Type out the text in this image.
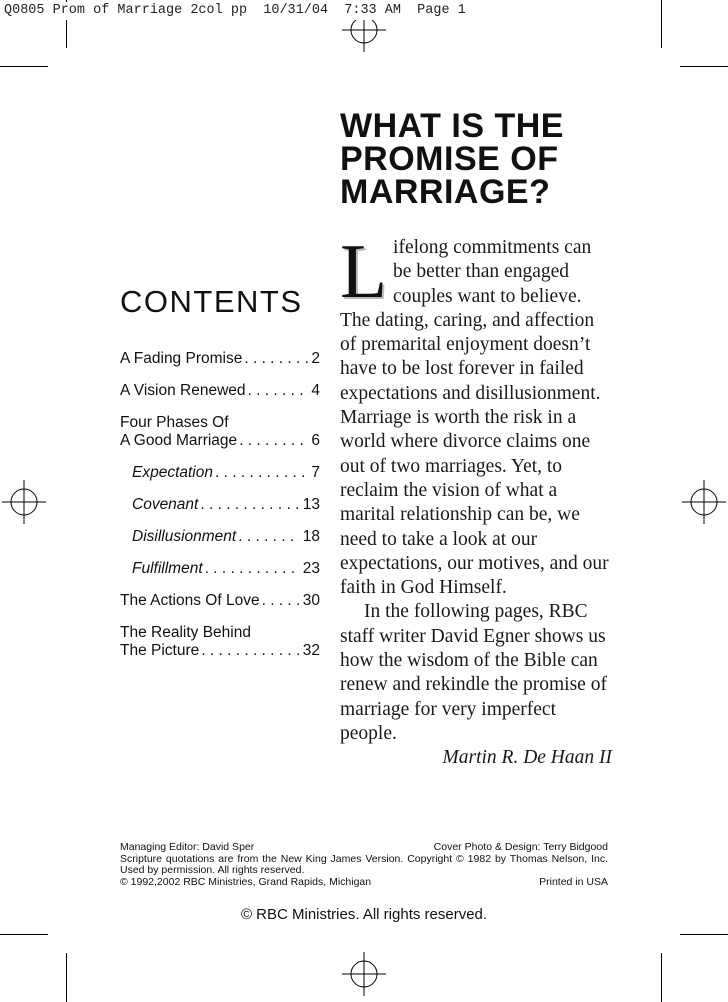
Q0805 Prom of Marriage 2col pp  10/31/04  7:33 AM  Page 1
CONTENTS
A Fading Promise . . .	2
A Vision Renewed . . .	4
Four Phases Of
A Good Marriage . . .	6
Expectation . . .	7
Covenant . . .	13
Disillusionment . . .	18
Fulfillment . . .	23
The Actions Of Love . . .	30
The Reality Behind
The Picture . . .	32
WHAT IS THE PROMISE OF MARRIAGE?
Lifelong commitments can be better than engaged couples want to believe. The dating, caring, and affection of premarital enjoyment doesn’t have to be lost forever in failed expectations and disillusionment. Marriage is worth the risk in a world where divorce claims one out of two marriages. Yet, to reclaim the vision of what a marital relationship can be, we need to take a look at our expectations, our motives, and our faith in God Himself.
In the following pages, RBC staff writer David Egner shows us how the wisdom of the Bible can renew and rekindle the promise of marriage for very imperfect people.
Martin R. De Haan II
Managing Editor: David Sper	Cover Photo & Design: Terry Bidgood
Scripture quotations are from the New King James Version. Copyright © 1982 by Thomas Nelson, Inc. Used by permission. All rights reserved.
© 1992,2002 RBC Ministries, Grand Rapids, Michigan	Printed in USA
© RBC Ministries. All rights reserved.
